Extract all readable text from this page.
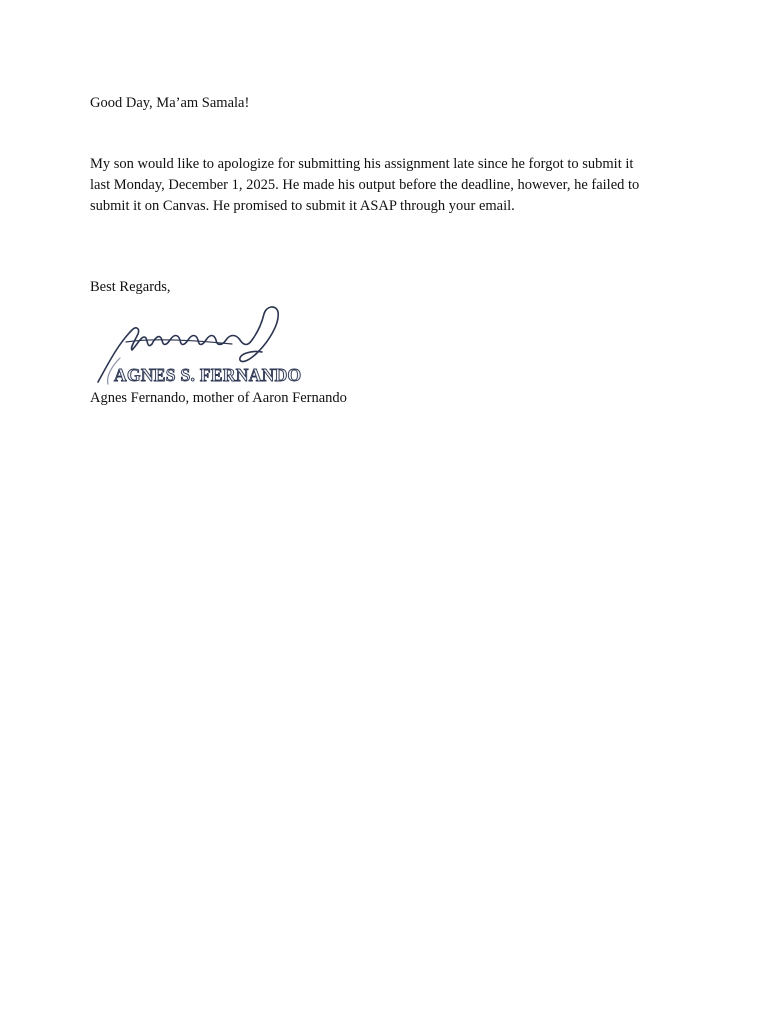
Good Day, Ma’am Samala!
My son would like to apologize for submitting his assignment late since he forgot to submit it
last Monday, December 1, 2025. He made his output before the deadline, however, he failed to
submit it on Canvas. He promised to submit it ASAP through your email.
Best Regards,
AGNES S. FERNANDO
Agnes Fernando, mother of Aaron Fernando
